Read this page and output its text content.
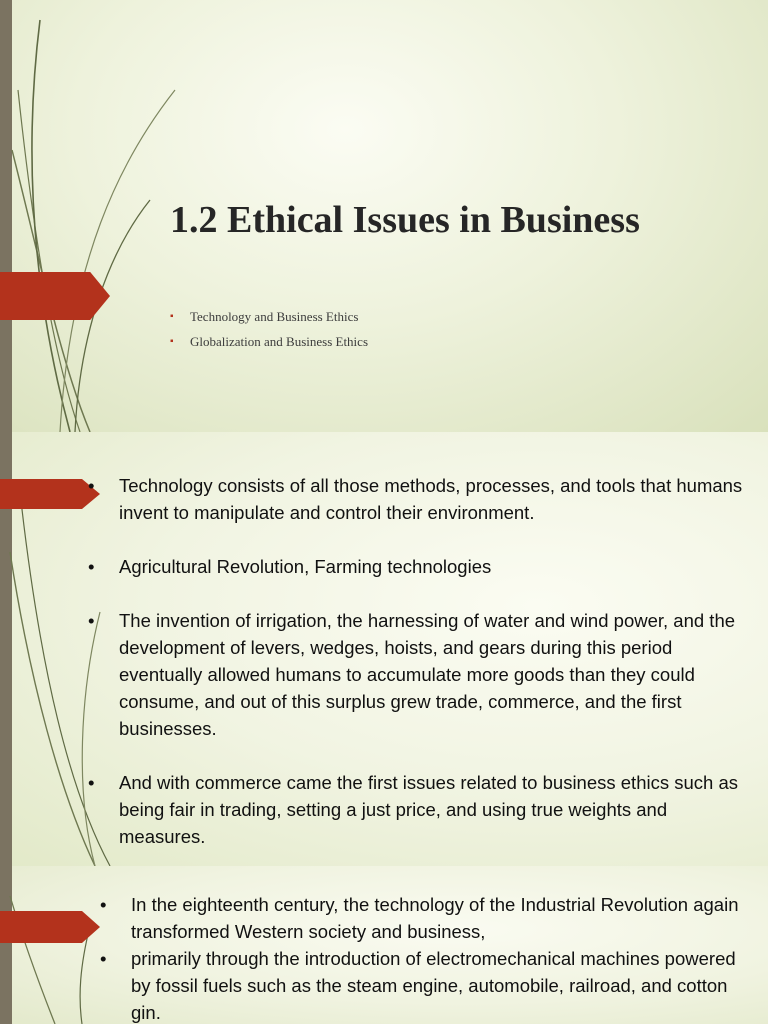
1.2 Ethical Issues in Business
▪ Technology and Business Ethics
▪ Globalization and Business Ethics
• Technology consists of all those methods, processes, and tools that humans invent to manipulate and control their environment.
• Agricultural Revolution, Farming technologies
• The invention of irrigation, the harnessing of water and wind power, and the development of levers, wedges, hoists, and gears during this period eventually allowed humans to accumulate more goods than they could consume, and out of this surplus grew trade, commerce, and the first businesses.
• And with commerce came the first issues related to business ethics such as being fair in trading, setting a just price, and using true weights and measures.
• In the eighteenth century, the technology of the Industrial Revolution again transformed Western society and business,
• primarily through the introduction of electromechanical machines powered by fossil fuels such as the steam engine, automobile, railroad, and cotton gin.
